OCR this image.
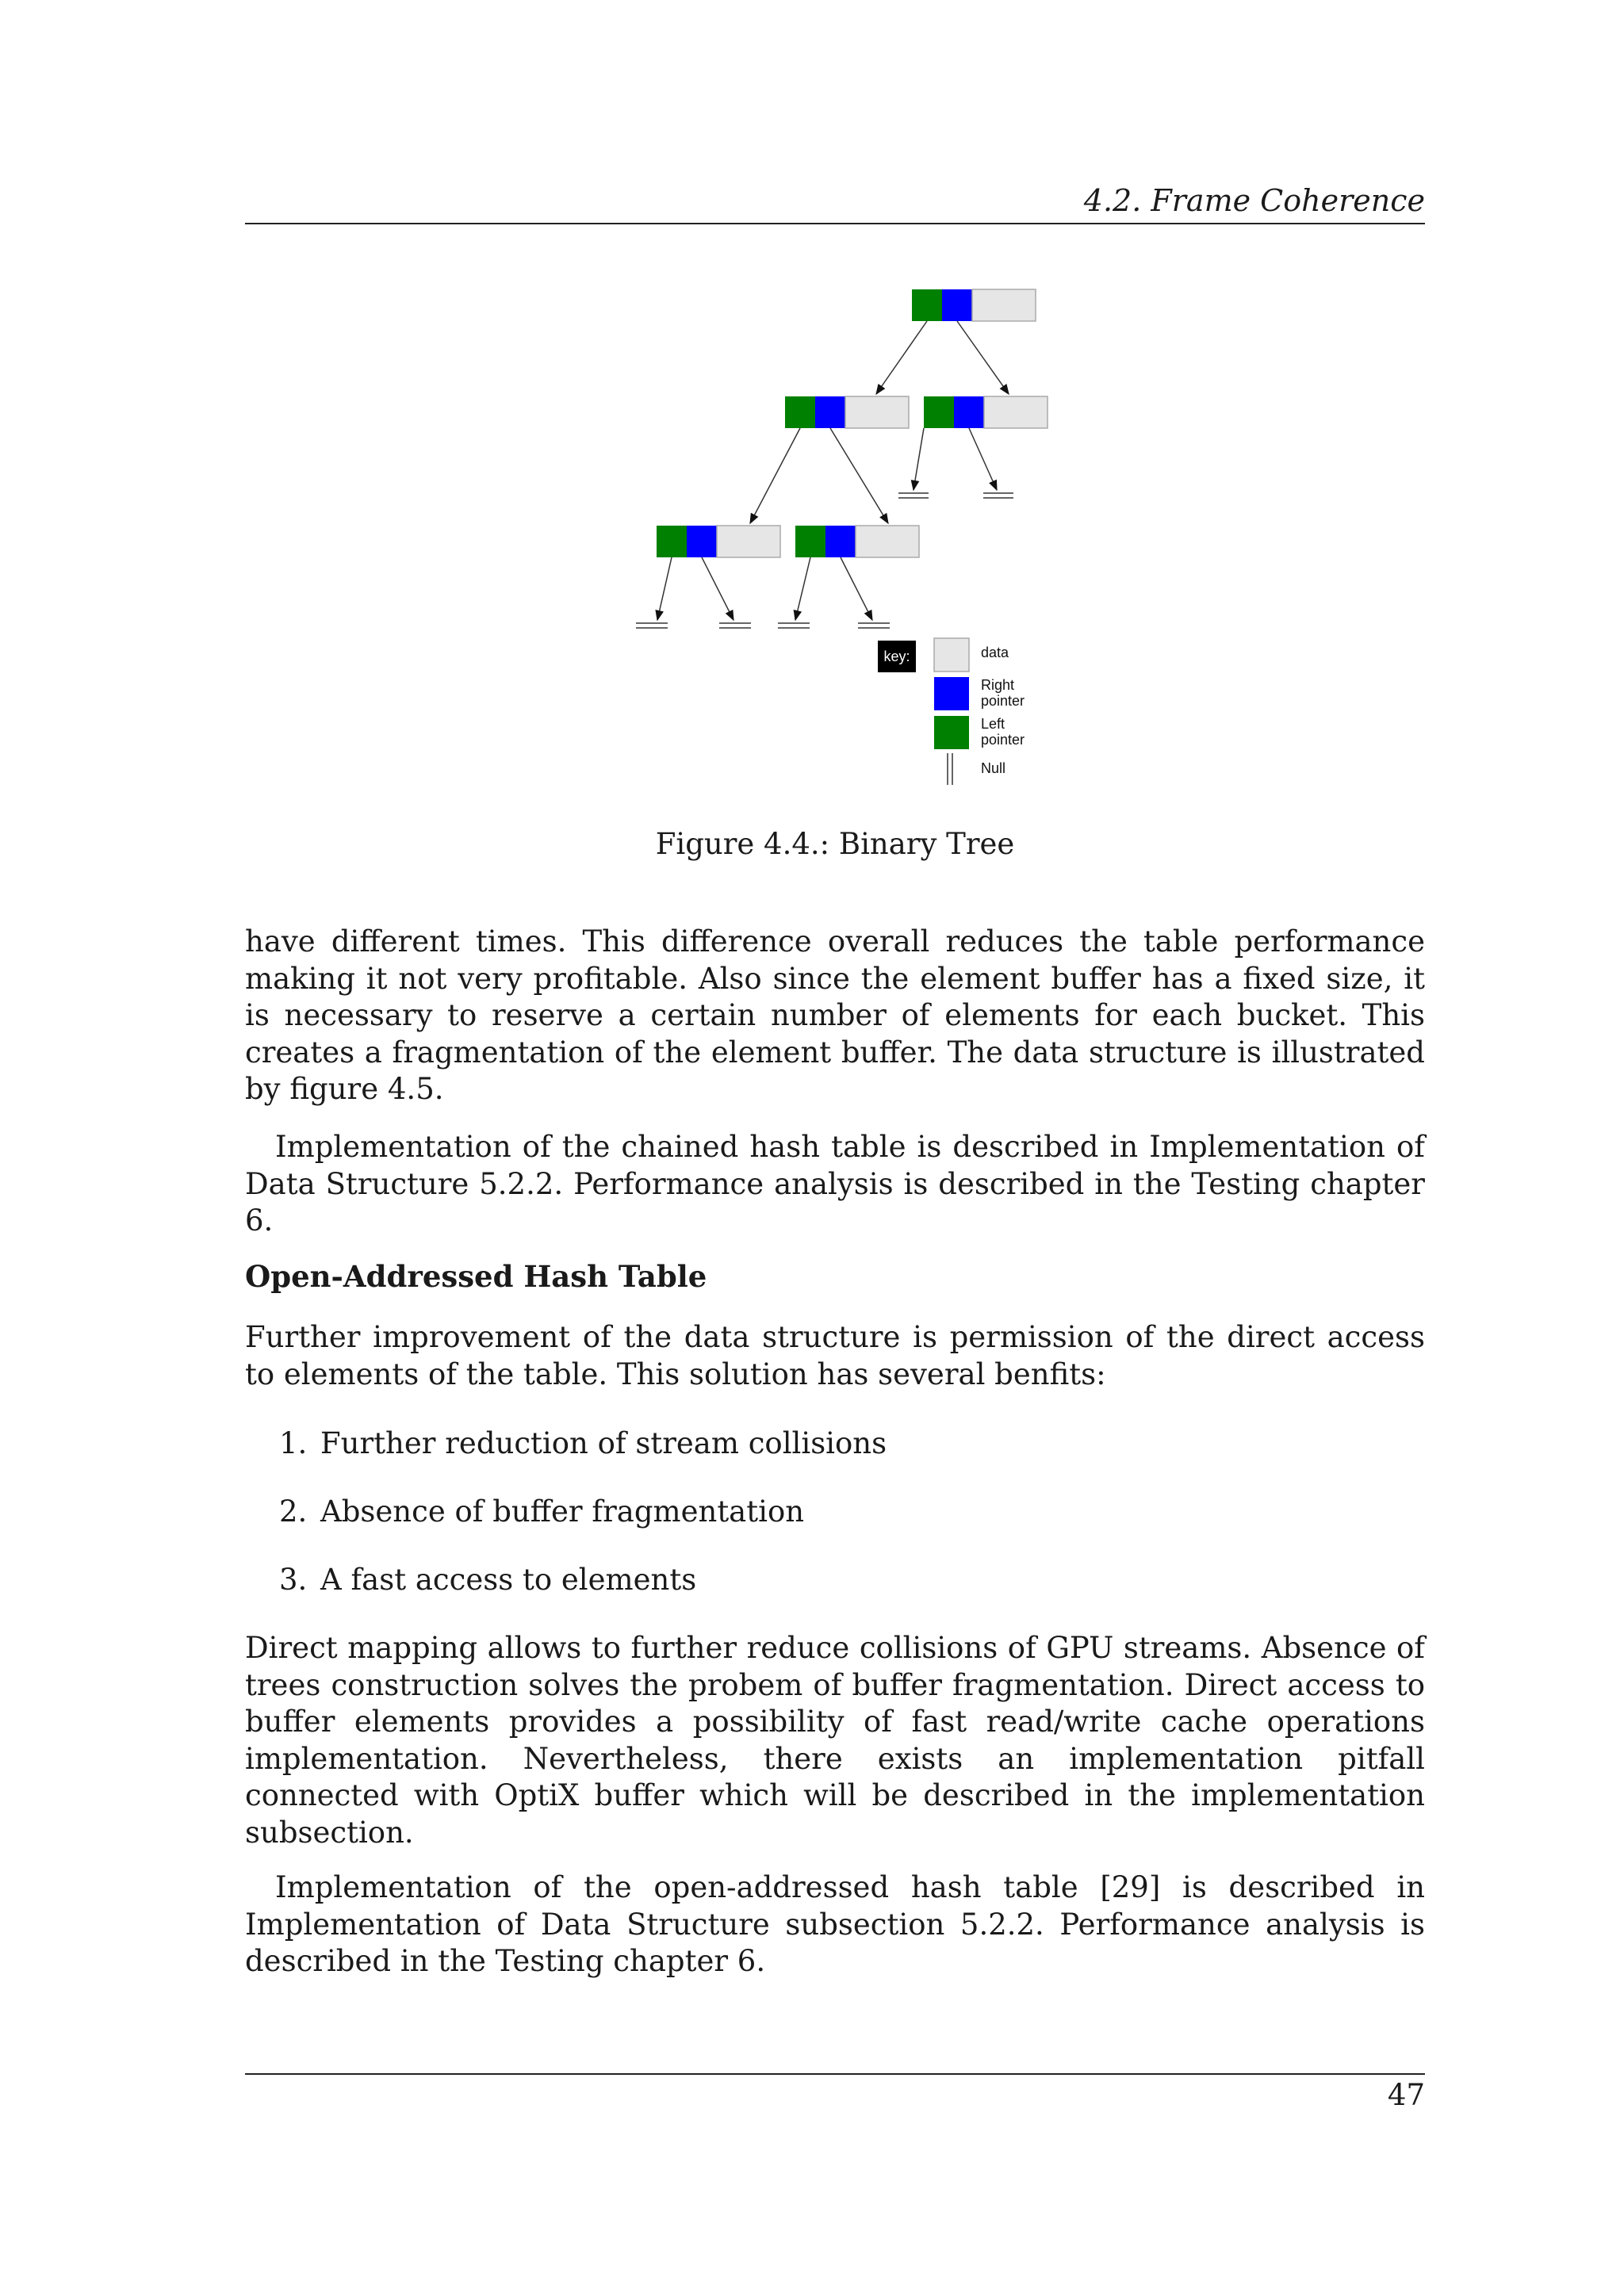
4.2. Frame Coherence
key:	data
Right pointer
Left pointer
Null
Figure 4.4.: Binary Tree

have different times. This difference overall reduces the table performance making it not very profitable. Also since the element buffer has a fixed size, it is necessary to reserve a certain number of elements for each bucket. This creates a fragmentation of the element buffer. The data structure is illustrated by figure 4.5.

Implementation of the chained hash table is described in Implementation of Data Structure 5.2.2. Performance analysis is described in the Testing chapter 6.

Open-Addressed Hash Table

Further improvement of the data structure is permission of the direct access to elements of the table. This solution has several benfits:

1. Further reduction of stream collisions
2. Absence of buffer fragmentation
3. A fast access to elements

Direct mapping allows to further reduce collisions of GPU streams. Absence of trees construction solves the probem of buffer fragmentation. Direct access to buffer elements provides a possibility of fast read/write cache operations implementation. Nevertheless, there exists an implementation pitfall connected with OptiX buffer which will be described in the implementation subsection.

Implementation of the open-addressed hash table [29] is described in Implementation of Data Structure subsection 5.2.2. Performance analysis is described in the Testing chapter 6.

47
